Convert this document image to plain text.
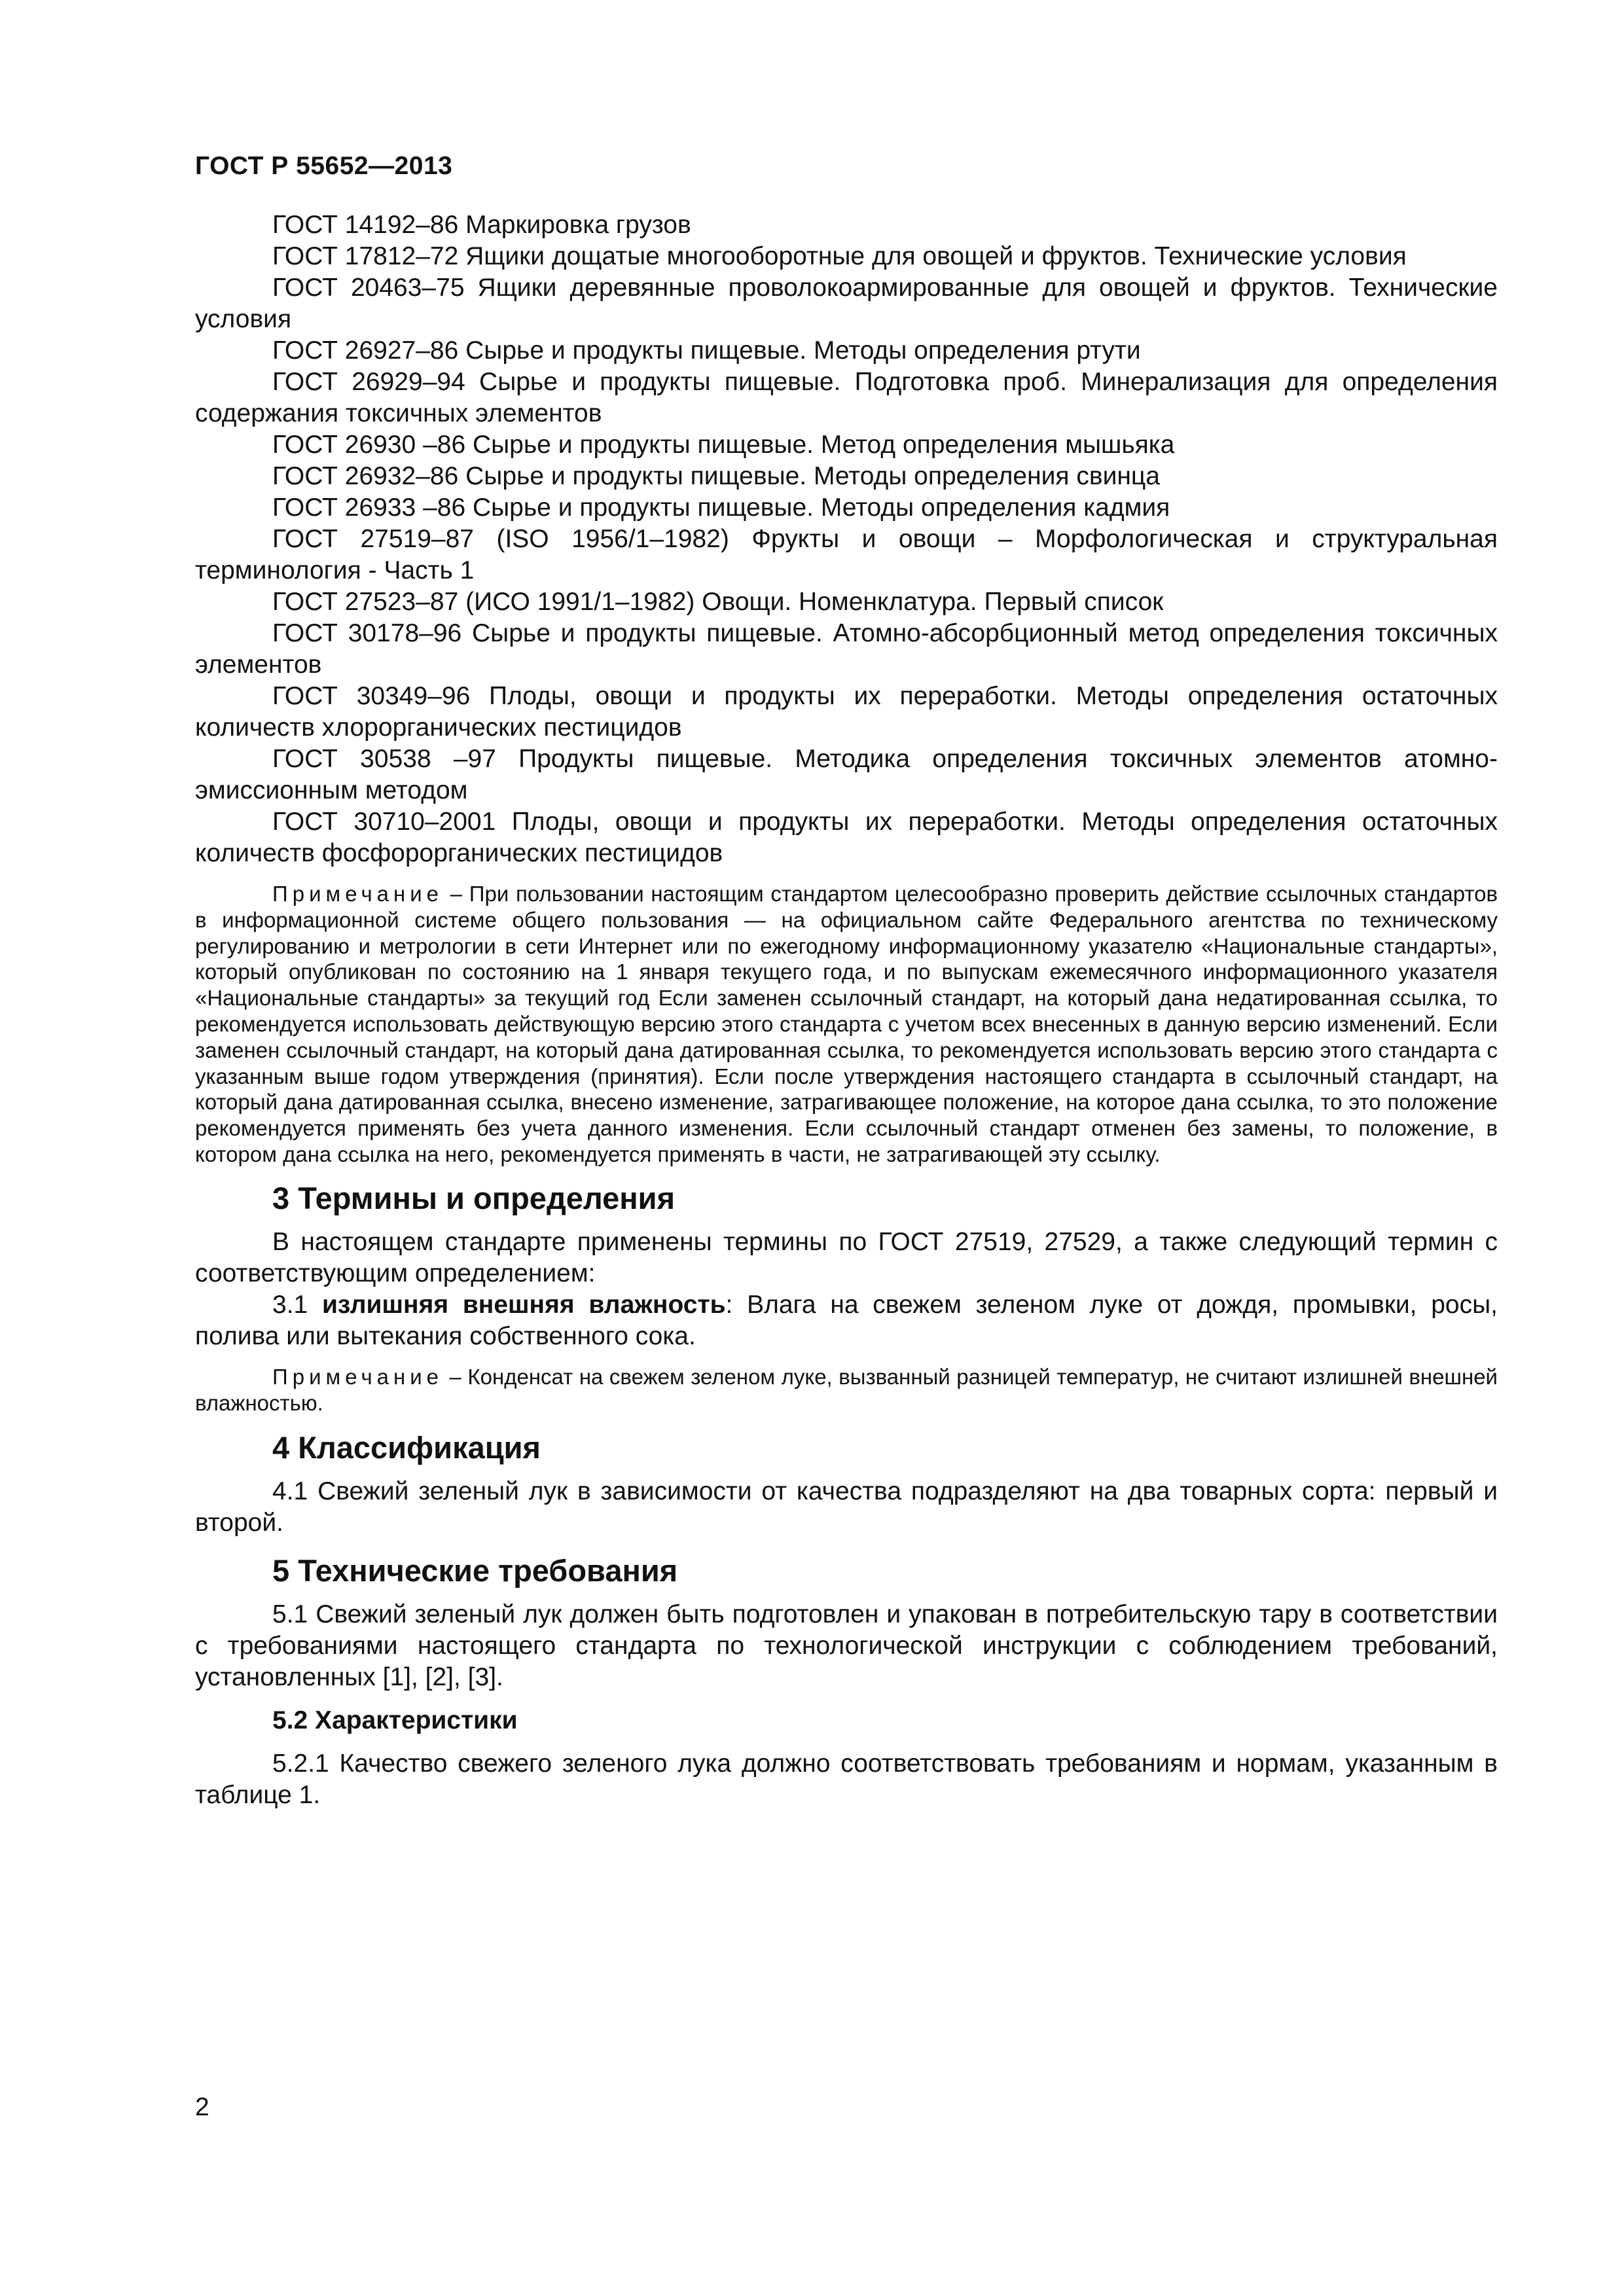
ГОСТ Р 55652—2013

ГОСТ 14192–86 Маркировка грузов

ГОСТ 17812–72 Ящики дощатые многооборотные для овощей и фруктов. Технические условия

ГОСТ 20463–75 Ящики деревянные проволокоармированные для овощей и фруктов. Технические условия

ГОСТ 26927–86 Сырье и продукты пищевые. Методы определения ртути

ГОСТ 26929–94 Сырье и продукты пищевые. Подготовка проб. Минерализация для определения содержания токсичных элементов

ГОСТ 26930 –86 Сырье и продукты пищевые. Метод определения мышьяка

ГОСТ 26932–86 Сырье и продукты пищевые. Методы определения свинца

ГОСТ 26933 –86 Сырье и продукты пищевые. Методы определения кадмия

ГОСТ 27519–87 (ISO 1956/1–1982) Фрукты и овощи – Морфологическая и структуральная терминология - Часть 1

ГОСТ 27523–87 (ИСО 1991/1–1982) Овощи. Номенклатура. Первый список

ГОСТ 30178–96 Сырье и продукты пищевые. Атомно-абсорбционный метод определения токсичных элементов

ГОСТ 30349–96 Плоды, овощи и продукты их переработки. Методы определения остаточных количеств хлорорганических пестицидов

ГОСТ 30538 –97 Продукты пищевые. Методика определения токсичных элементов атомно-эмиссионным методом

ГОСТ 30710–2001 Плоды, овощи и продукты их переработки. Методы определения остаточных количеств фосфорорганических пестицидов

Примечание – При пользовании настоящим стандартом целесообразно проверить действие ссылочных стандартов в информационной системе общего пользования — на официальном сайте Федерального агентства по техническому регулированию и метрологии в сети Интернет или по ежегодному информационному указателю «Национальные стандарты», который опубликован по состоянию на 1 января текущего года, и по выпускам ежемесячного информационного указателя «Национальные стандарты» за текущий год Если заменен ссылочный стандарт, на который дана недатированная ссылка, то рекомендуется использовать действующую версию этого стандарта с учетом всех внесенных в данную версию изменений. Если заменен ссылочный стандарт, на который дана датированная ссылка, то рекомендуется использовать версию этого стандарта с указанным выше годом утверждения (принятия). Если после утверждения настоящего стандарта в ссылочный стандарт, на который дана датированная ссылка, внесено изменение, затрагивающее положение, на которое дана ссылка, то это положение рекомендуется применять без учета данного изменения. Если ссылочный стандарт отменен без замены, то положение, в котором дана ссылка на него, рекомендуется применять в части, не затрагивающей эту ссылку.

3 Термины и определения

В настоящем стандарте применены термины по ГОСТ 27519, 27529, а также следующий термин с соответствующим определением:

3.1 излишняя внешняя влажность: Влага на свежем зеленом луке от дождя, промывки, росы, полива или вытекания собственного сока.

Примечание – Конденсат на свежем зеленом луке, вызванный разницей температур, не считают излишней внешней влажностью.

4 Классификация

4.1 Свежий зеленый лук в зависимости от качества подразделяют на два товарных сорта: первый и второй.

5 Технические требования

5.1 Свежий зеленый лук должен быть подготовлен и упакован в потребительскую тару в соответствии с требованиями настоящего стандарта по технологической инструкции с соблюдением требований, установленных [1], [2], [3].

5.2 Характеристики

5.2.1 Качество свежего зеленого лука должно соответствовать требованиям и нормам, указанным в таблице 1.

2
